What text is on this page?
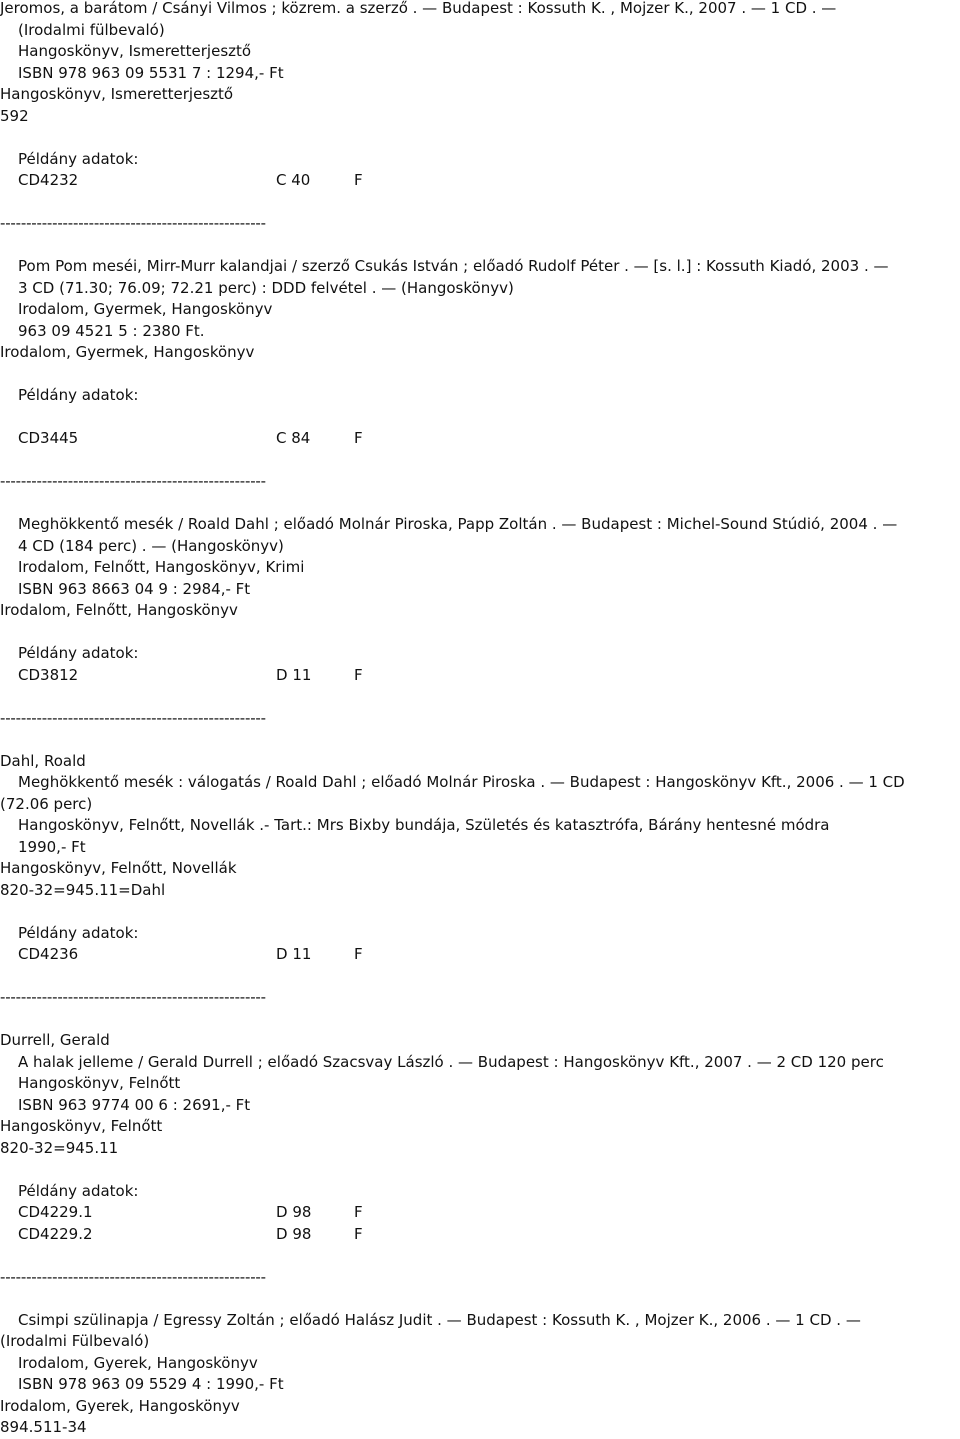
Jeromos, a barátom / Csányi Vilmos ; közrem. a szerző . — Budapest : Kossuth K. , Mojzer K., 2007 . — 1 CD . —
(Irodalmi fülbevaló)
Hangoskönyv, Ismeretterjesztő
ISBN 978 963 09 5531 7 : 1294,- Ft
Hangoskönyv, Ismeretterjesztő
592
Példány adatok:
CD4232	C 40	F
---------------------------------------------------
Pom Pom meséi, Mirr-Murr kalandjai / szerző Csukás István ; előadó Rudolf Péter . — [s. l.] : Kossuth Kiadó, 2003 . —
3 CD (71.30; 76.09; 72.21 perc) : DDD felvétel . — (Hangoskönyv)
Irodalom, Gyermek, Hangoskönyv
963 09 4521 5 : 2380 Ft.
Irodalom, Gyermek, Hangoskönyv
Példány adatok:
CD3445	C 84	F
---------------------------------------------------
Meghökkentő mesék / Roald Dahl ; előadó Molnár Piroska, Papp Zoltán . — Budapest : Michel-Sound Stúdió, 2004 . —
4 CD (184 perc) . — (Hangoskönyv)
Irodalom, Felnőtt, Hangoskönyv, Krimi
ISBN 963 8663 04 9 : 2984,- Ft
Irodalom, Felnőtt, Hangoskönyv
Példány adatok:
CD3812	D 11	F
---------------------------------------------------
Dahl, Roald
Meghökkentő mesék : válogatás / Roald Dahl ; előadó Molnár Piroska . — Budapest : Hangoskönyv Kft., 2006 . — 1 CD
(72.06 perc)
Hangoskönyv, Felnőtt, Novellák .- Tart.: Mrs Bixby bundája, Születés és katasztrófa, Bárány hentesné módra
1990,- Ft
Hangoskönyv, Felnőtt, Novellák
820-32=945.11=Dahl
Példány adatok:
CD4236	D 11	F
---------------------------------------------------
Durrell, Gerald
A halak jelleme / Gerald Durrell ; előadó Szacsvay László . — Budapest : Hangoskönyv Kft., 2007 . — 2 CD 120 perc
Hangoskönyv, Felnőtt
ISBN 963 9774 00 6 : 2691,- Ft
Hangoskönyv, Felnőtt
820-32=945.11
Példány adatok:
CD4229.1	D 98	F
CD4229.2	D 98	F
---------------------------------------------------
Csimpi szülinapja / Egressy Zoltán ; előadó Halász Judit . — Budapest : Kossuth K. , Mojzer K., 2006 . — 1 CD . —
(Irodalmi Fülbevaló)
Irodalom, Gyerek, Hangoskönyv
ISBN 978 963 09 5529 4 : 1990,- Ft
Irodalom, Gyerek, Hangoskönyv
894.511-34
